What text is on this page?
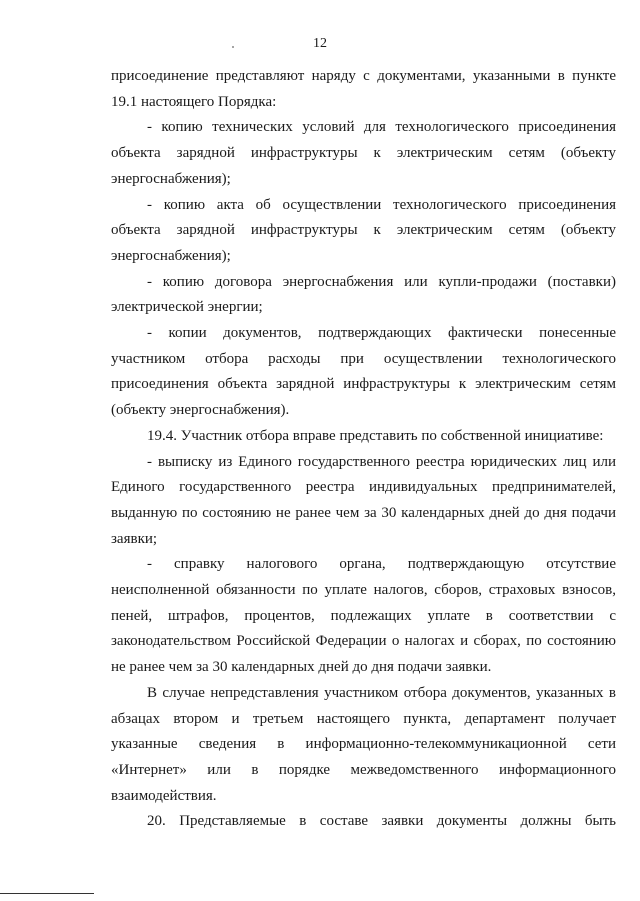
12

присоединение представляют наряду с документами, указанными в пункте 19.1 настоящего Порядка:

- копию технических условий для технологического присоединения объекта зарядной инфраструктуры к электрическим сетям (объекту энергоснабжения);

- копию акта об осуществлении технологического присоединения объекта зарядной инфраструктуры к электрическим сетям (объекту энергоснабжения);

- копию договора энергоснабжения или купли-продажи (поставки) электрической энергии;

- копии документов, подтверждающих фактически понесенные участником отбора расходы при осуществлении технологического присоединения объекта зарядной инфраструктуры к электрическим сетям (объекту энергоснабжения).

19.4. Участник отбора вправе представить по собственной инициативе:

- выписку из Единого государственного реестра юридических лиц или Единого государственного реестра индивидуальных предпринимателей, выданную по состоянию не ранее чем за 30 календарных дней до дня подачи заявки;

- справку налогового органа, подтверждающую отсутствие неисполненной обязанности по уплате налогов, сборов, страховых взносов, пеней, штрафов, процентов, подлежащих уплате в соответствии с законодательством Российской Федерации о налогах и сборах, по состоянию не ранее чем за 30 календарных дней до дня подачи заявки.

В случае непредставления участником отбора документов, указанных в абзацах втором и третьем настоящего пункта, департамент получает указанные сведения в информационно-телекоммуникационной сети «Интернет» или в порядке межведомственного информационного взаимодействия.

20. Представляемые в составе заявки документы должны быть
